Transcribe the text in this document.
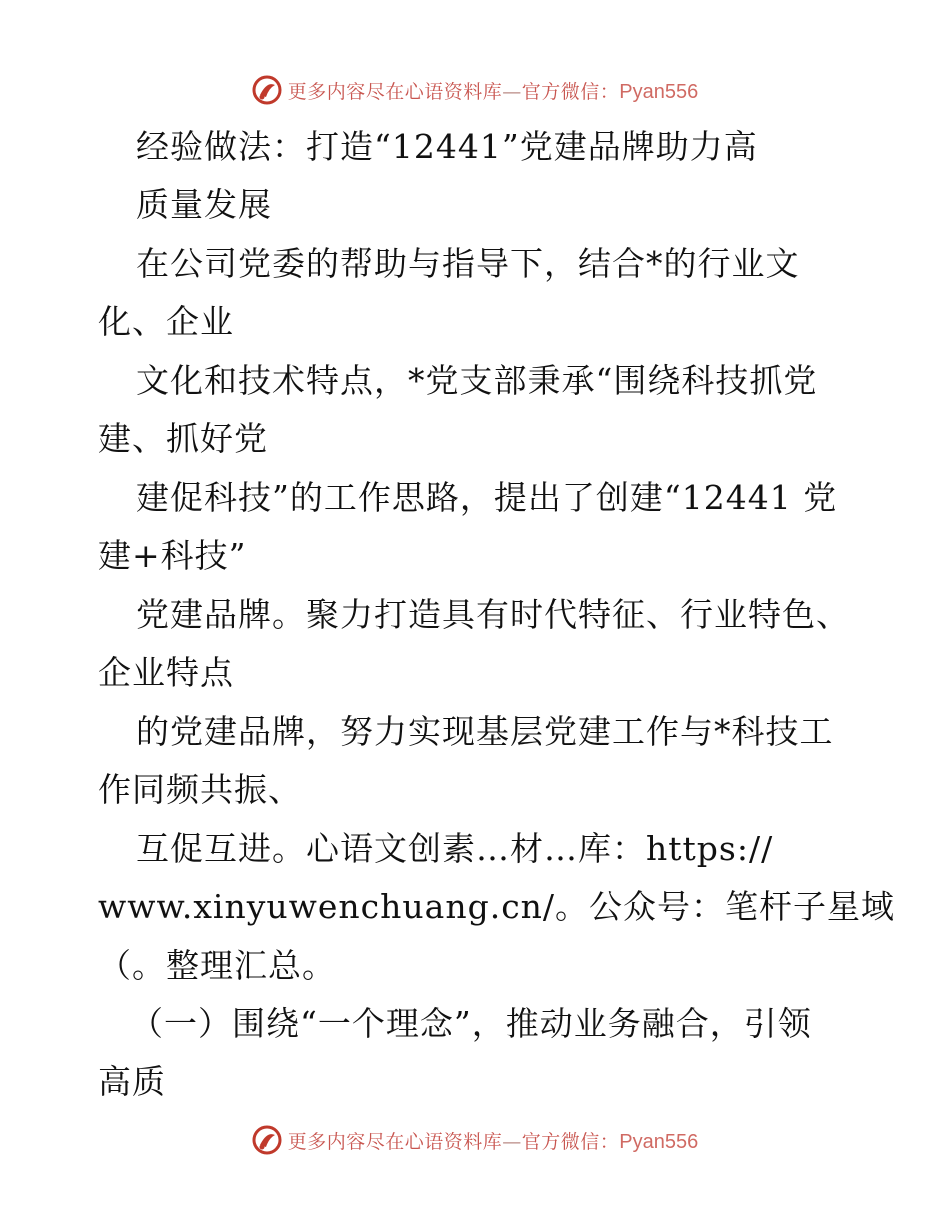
更多内容尽在心语资料库—官方微信：Pyan556
经验做法：打造“12441”党建品牌助力高
质量发展
在公司党委的帮助与指导下，结合*的行业文
化、企业
文化和技术特点，*党支部秉承“围绕科技抓党
建、抓好党
建促科技”的工作思路，提出了创建“12441 党
建+科技”
党建品牌。聚力打造具有时代特征、行业特色、
企业特点
的党建品牌，努力实现基层党建工作与*科技工
作同频共振、
互促互进。心语文创素…材…库：https://
www.xinyuwenchuang.cn/。公众号：笔杆子星域
（。整理汇总。
（一）围绕“一个理念”，推动业务融合，引领
高质
更多内容尽在心语资料库—官方微信：Pyan556
